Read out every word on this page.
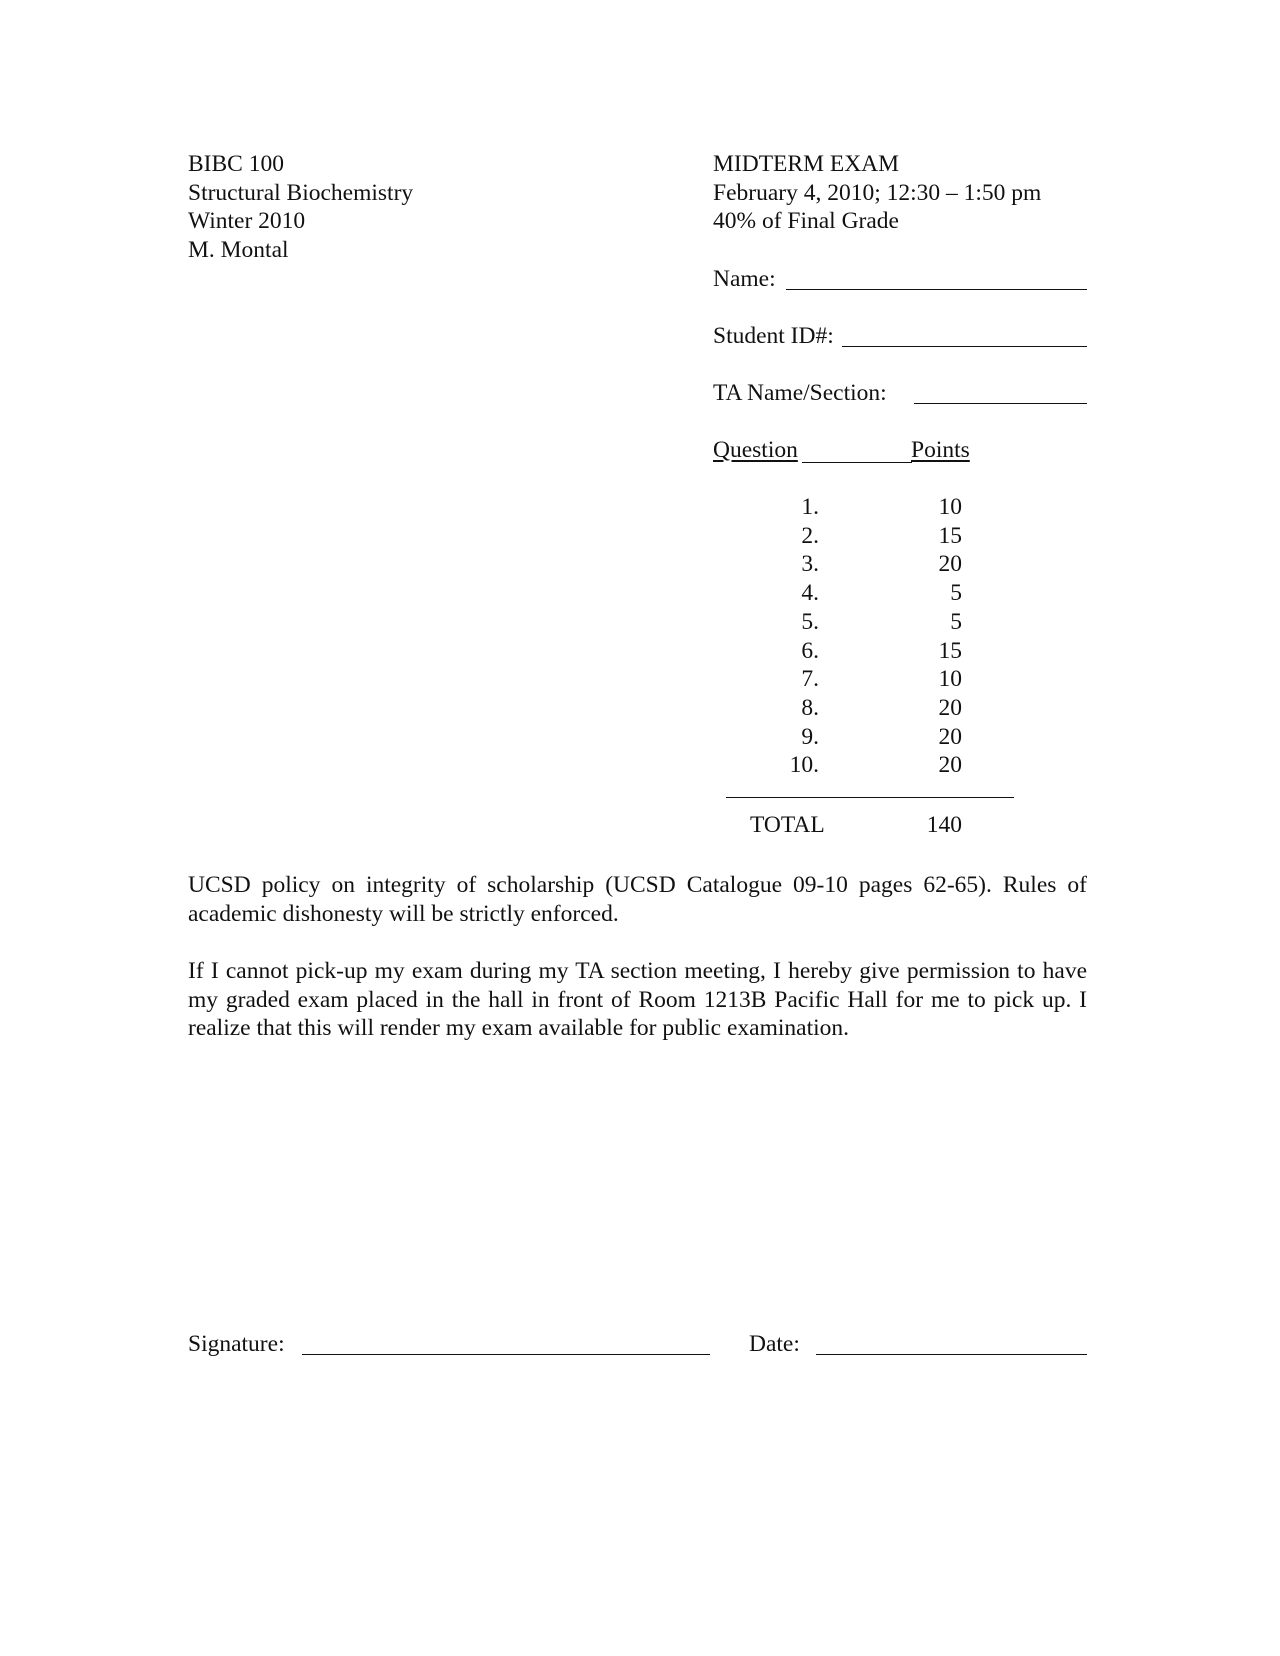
BIBC 100
Structural Biochemistry
Winter 2010
M. Montal
MIDTERM EXAM
February 4, 2010; 12:30 – 1:50 pm
40% of Final Grade
Name:
Student ID#:
TA Name/Section:
Question	Points
1.	10
2.	15
3.	20
4.	5
5.	5
6.	15
7.	10
8.	20
9.	20
10.	20
TOTAL	140
UCSD policy on integrity of scholarship (UCSD Catalogue 09-10 pages 62-65). Rules of academic dishonesty will be strictly enforced.
If I cannot pick-up my exam during my TA section meeting, I hereby give permission to have my graded exam placed in the hall in front of Room 1213B Pacific Hall for me to pick up. I realize that this will render my exam available for public examination.
Signature:	Date:
